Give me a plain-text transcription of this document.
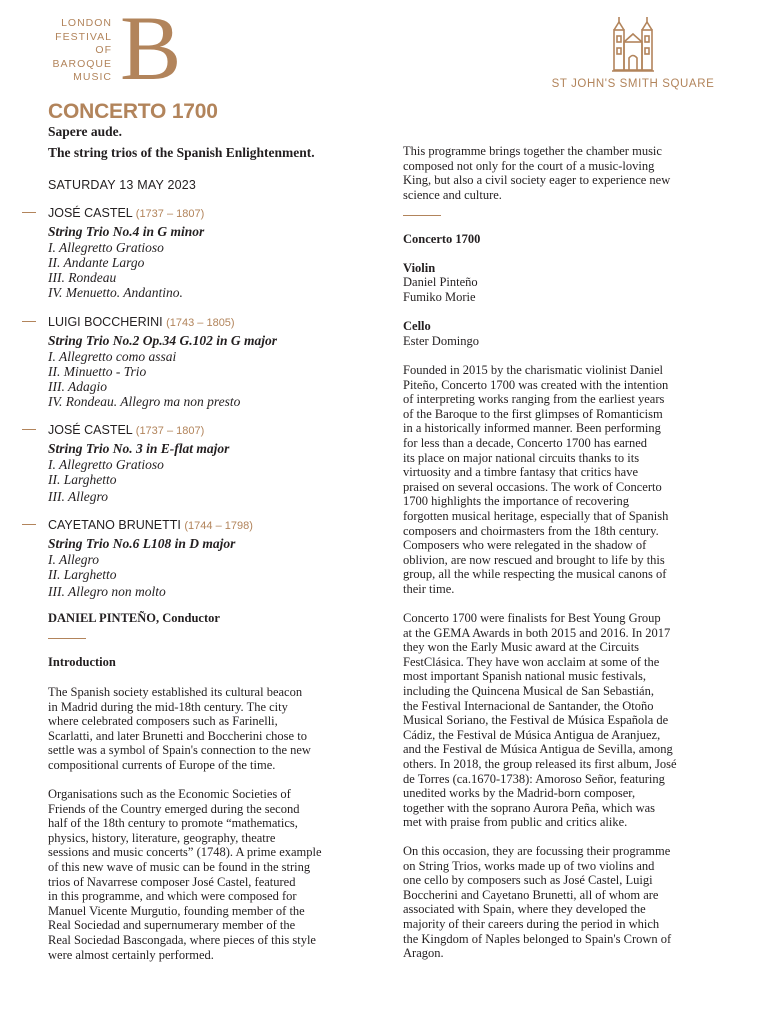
LONDON
FESTIVAL OF
BAROQUE
MUSIC B	ST JOHN'S SMITH SQUARE
CONCERTO 1700
Sapere aude.
The string trios of the Spanish Enlightenment.
SATURDAY 13 MAY 2023
JOSÉ CASTEL (1737 – 1807)
String Trio No.4 in G minor
I. Allegretto Gratioso
II. Andante Largo
III. Rondeau
IV. Menuetto. Andantino.
LUIGI BOCCHERINI (1743 – 1805)
String Trio No.2 Op.34 G.102 in G major
I. Allegretto como assai
II. Minuetto - Trio
III. Adagio
IV. Rondeau. Allegro ma non presto
JOSÉ CASTEL (1737 – 1807)
String Trio No. 3 in E-flat major
I. Allegretto Gratioso
II. Larghetto
III. Allegro
CAYETANO BRUNETTI (1744 – 1798)
String Trio No.6 L108 in D major
I. Allegro
II. Larghetto
III. Allegro non molto
DANIEL PINTEÑO, Conductor
Introduction
The Spanish society established its cultural beacon
in Madrid during the mid-18th century. The city
where celebrated composers such as Farinelli,
Scarlatti, and later Brunetti and Boccherini chose to
settle was a symbol of Spain's connection to the new
compositional currents of Europe of the time.
Organisations such as the Economic Societies of
Friends of the Country emerged during the second
half of the 18th century to promote “mathematics,
physics, history, literature, geography, theatre
sessions and music concerts” (1748). A prime example
of this new wave of music can be found in the string
trios of Navarrese composer José Castel, featured
in this programme, and which were composed for
Manuel Vicente Murgutio, founding member of the
Real Sociedad and supernumerary member of the
Real Sociedad Bascongada, where pieces of this style
were almost certainly performed.
This programme brings together the chamber music
composed not only for the court of a music-loving
King, but also a civil society eager to experience new
science and culture.
Concerto 1700
Violin
Daniel Pinteño
Fumiko Morie
Cello
Ester Domingo
Founded in 2015 by the charismatic violinist Daniel
Piteño, Concerto 1700 was created with the intention
of interpreting works ranging from the earliest years
of the Baroque to the first glimpses of Romanticism
in a historically informed manner. Been performing
for less than a decade, Concerto 1700 has earned
its place on major national circuits thanks to its
virtuosity and a timbre fantasy that critics have
praised on several occasions. The work of Concerto
1700 highlights the importance of recovering
forgotten musical heritage, especially that of Spanish
composers and choirmasters from the 18th century.
Composers who were relegated in the shadow of
oblivion, are now rescued and brought to life by this
group, all the while respecting the musical canons of
their time.
Concerto 1700 were finalists for Best Young Group
at the GEMA Awards in both 2015 and 2016. In 2017
they won the Early Music award at the Circuits
FestClásica. They have won acclaim at some of the
most important Spanish national music festivals,
including the Quincena Musical de San Sebastián,
the Festival Internacional de Santander, the Otoño
Musical Soriano, the Festival de Música Española de
Cádiz, the Festival de Música Antigua de Aranjuez,
and the Festival de Música Antigua de Sevilla, among
others. In 2018, the group released its first album, José
de Torres (ca.1670-1738): Amoroso Señor, featuring
unedited works by the Madrid-born composer,
together with the soprano Aurora Peña, which was
met with praise from public and critics alike.
On this occasion, they are focussing their programme
on String Trios, works made up of two violins and
one cello by composers such as José Castel, Luigi
Boccherini and Cayetano Brunetti, all of whom are
associated with Spain, where they developed the
majority of their careers during the period in which
the Kingdom of Naples belonged to Spain's Crown of
Aragon.
